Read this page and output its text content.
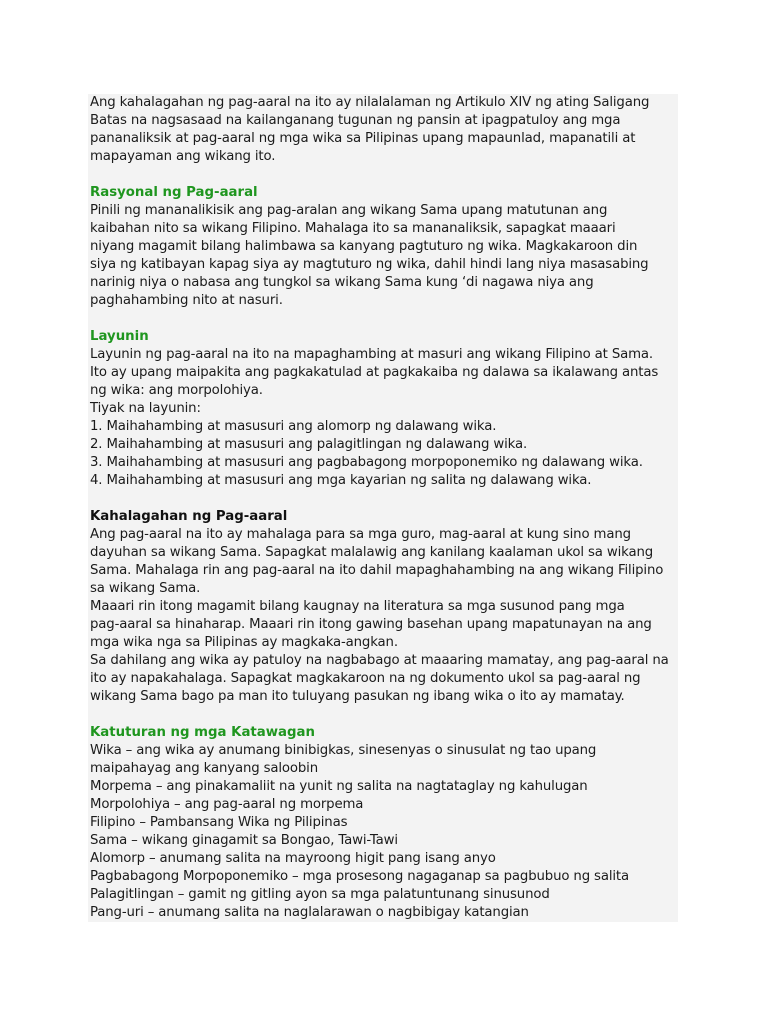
Ang kahalagahan ng pag-aaral na ito ay nilalalaman ng Artikulo XIV ng ating Saligang

Batas na nagsasaad na kailanganang tugunan ng pansin at ipagpatuloy ang mga

pananaliksik at pag-aaral ng mga wika sa Pilipinas upang mapaunlad, mapanatili at

mapayaman ang wikang ito.

Rasyonal ng Pag-aaral

Pinili ng mananalikisik ang pag-aralan ang wikang Sama upang matutunan ang

kaibahan nito sa wikang Filipino. Mahalaga ito sa mananaliksik, sapagkat maaari

niyang magamit bilang halimbawa sa kanyang pagtuturo ng wika. Magkakaroon din

siya ng katibayan kapag siya ay magtuturo ng wika, dahil hindi lang niya masasabing

narinig niya o nabasa ang tungkol sa wikang Sama kung ‘di nagawa niya ang

paghahambing nito at nasuri.

Layunin

Layunin ng pag-aaral na ito na mapaghambing at masuri ang wikang Filipino at Sama.

Ito ay upang maipakita ang pagkakatulad at pagkakaiba ng dalawa sa ikalawang antas

ng wika: ang morpolohiya.

Tiyak na layunin:

1. Maihahambing at masusuri ang alomorp ng dalawang wika.

2. Maihahambing at masusuri ang palagitlingan ng dalawang wika.

3. Maihahambing at masusuri ang pagbabagong morpoponemiko ng dalawang wika.

4. Maihahambing at masusuri ang mga kayarian ng salita ng dalawang wika.

Kahalagahan ng Pag-aaral

Ang pag-aaral na ito ay mahalaga para sa mga guro, mag-aaral at kung sino mang

dayuhan sa wikang Sama. Sapagkat malalawig ang kanilang kaalaman ukol sa wikang

Sama. Mahalaga rin ang pag-aaral na ito dahil mapaghahambing na ang wikang Filipino

sa wikang Sama.

Maaari rin itong magamit bilang kaugnay na literatura sa mga susunod pang mga

pag-aaral sa hinaharap. Maaari rin itong gawing basehan upang mapatunayan na ang

mga wika nga sa Pilipinas ay magkaka-angkan.

Sa dahilang ang wika ay patuloy na nagbabago at maaaring mamatay, ang pag-aaral na

ito ay napakahalaga. Sapagkat magkakaroon na ng dokumento ukol sa pag-aaral ng

wikang Sama bago pa man ito tuluyang pasukan ng ibang wika o ito ay mamatay.

Katuturan ng mga Katawagan

Wika – ang wika ay anumang binibigkas, sinesenyas o sinusulat ng tao upang

maipahayag ang kanyang saloobin

Morpema – ang pinakamaliit na yunit ng salita na nagtataglay ng kahulugan

Morpolohiya – ang pag-aaral ng morpema

Filipino – Pambansang Wika ng Pilipinas

Sama – wikang ginagamit sa Bongao, Tawi-Tawi

Alomorp – anumang salita na mayroong higit pang isang anyo

Pagbabagong Morpoponemiko – mga prosesong nagaganap sa pagbubuo ng salita

Palagitlingan – gamit ng gitling ayon sa mga palatuntunang sinusunod

Pang-uri – anumang salita na naglalarawan o nagbibigay katangian
